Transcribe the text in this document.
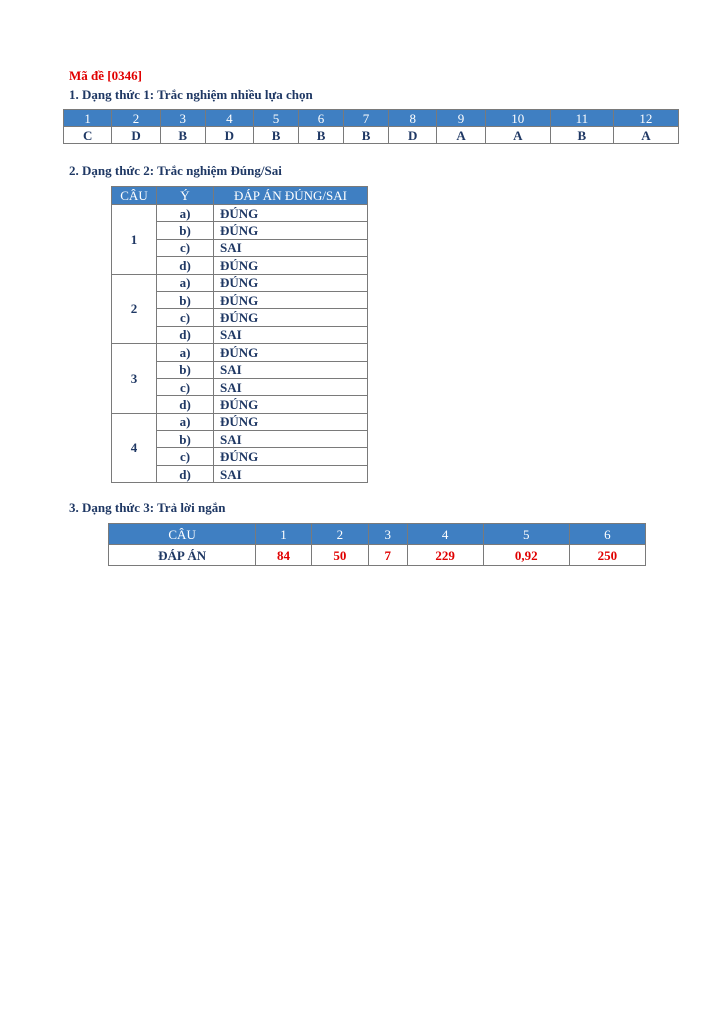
Mã đề [0346]
1. Dạng thức 1: Trắc nghiệm nhiều lựa chọn
1	2	3	4	5	6	7	8	9	10	11	12
C	D	B	D	B	B	B	D	A	A	B	A
2. Dạng thức 2: Trắc nghiệm Đúng/Sai
CÂU	Ý	ĐÁP ÁN ĐÚNG/SAI
1	a)	ĐÚNG
	b)	ĐÚNG
	c)	SAI
	d)	ĐÚNG
2	a)	ĐÚNG
	b)	ĐÚNG
	c)	ĐÚNG
	d)	SAI
3	a)	ĐÚNG
	b)	SAI
	c)	SAI
	d)	ĐÚNG
4	a)	ĐÚNG
	b)	SAI
	c)	ĐÚNG
	d)	SAI
3. Dạng thức 3: Trả lời ngắn
CÂU	1	2	3	4	5	6
ĐÁP ÁN	84	50	7	229	0,92	250
